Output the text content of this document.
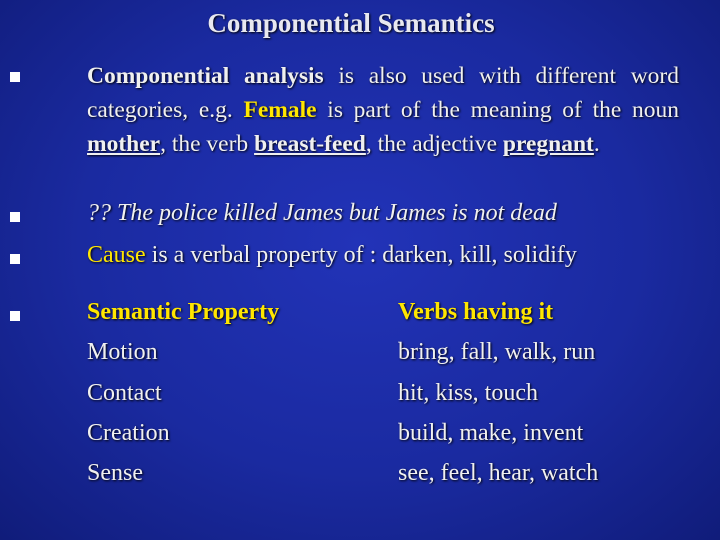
Componential Semantics
Componential analysis is also used with different word categories, e.g. Female is part of the meaning of the noun mother, the verb breast-feed, the adjective pregnant.
?? The police killed James but James is not dead
Cause is a verbal property of : darken, kill, solidify
Semantic Property	Verbs having it
Motion	bring, fall, walk, run
Contact	hit, kiss, touch
Creation	build, make, invent
Sense	see, feel, hear, watch
